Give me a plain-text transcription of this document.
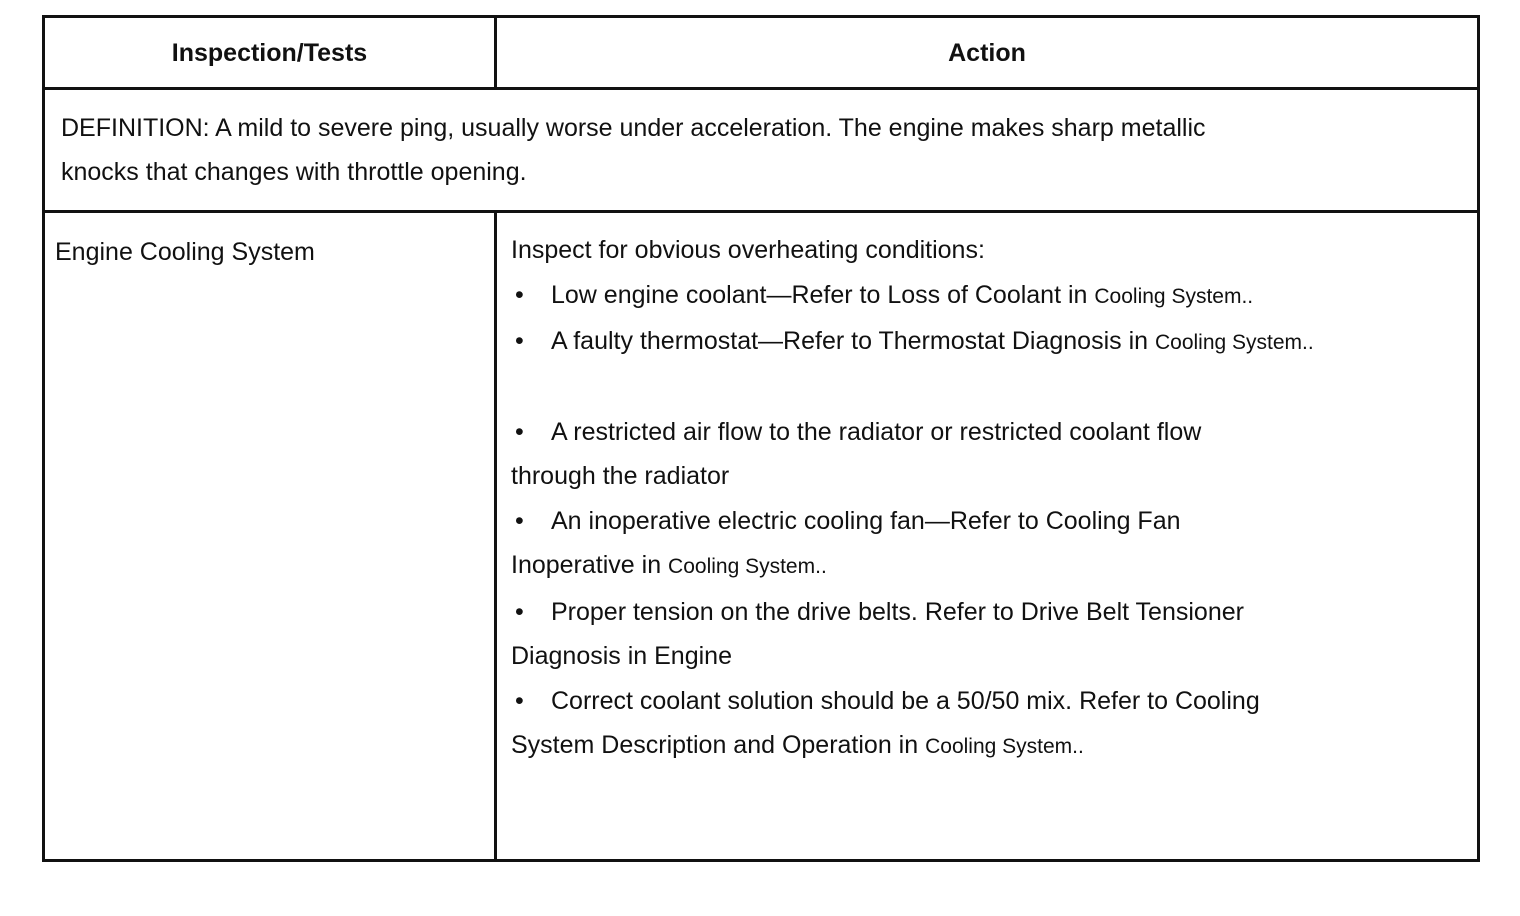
Inspection/Tests	Action
DEFINITION: A mild to severe ping, usually worse under acceleration. The engine makes sharp metallic
knocks that changes with throttle opening.
Engine Cooling System	Inspect for obvious overheating conditions:
• Low engine coolant—Refer to Loss of Coolant in Cooling System..
• A faulty thermostat—Refer to Thermostat Diagnosis in Cooling System..
• A restricted air flow to the radiator or restricted coolant flow
through the radiator
• An inoperative electric cooling fan—Refer to Cooling Fan
Inoperative in Cooling System..
• Proper tension on the drive belts. Refer to Drive Belt Tensioner
Diagnosis in Engine
• Correct coolant solution should be a 50/50 mix. Refer to Cooling
System Description and Operation in Cooling System..
